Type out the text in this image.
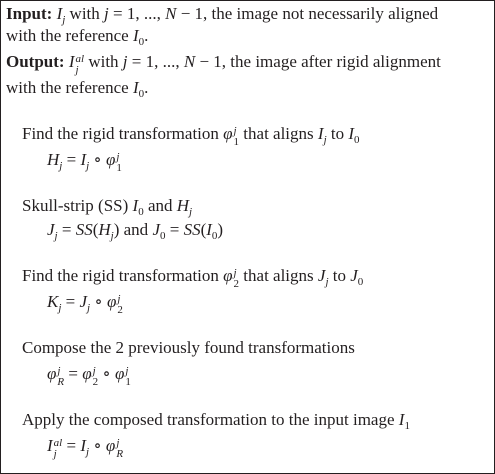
Input: $I_j$ with j = 1, ..., N − 1, the image not necessarily aligned
with the reference $I_0$.
Output: I al
j with j = 1, ..., N − 1, the image after rigid alignment
with the reference $I_0$.
Find the rigid transformation φ j
1 that aligns $I_j$ to $I_0$
$H_j = I_j$ ∘ φ j
1
Skull-strip (SS) $I_0$ and $H_j$
$J_j = SS(H_j)$ and $J_0 = SS(I_0)$
Find the rigid transformation φ j
2 that aligns $J_j$ to $J_0$
$K_j = J_j$ ∘ φ j
2
Compose the 2 previously found transformations
φ j
R = φ j
2 ∘ φ j
1
Apply the composed transformation to the input image $I_1$
I al
$j = I_j$ ∘ φ j
R
